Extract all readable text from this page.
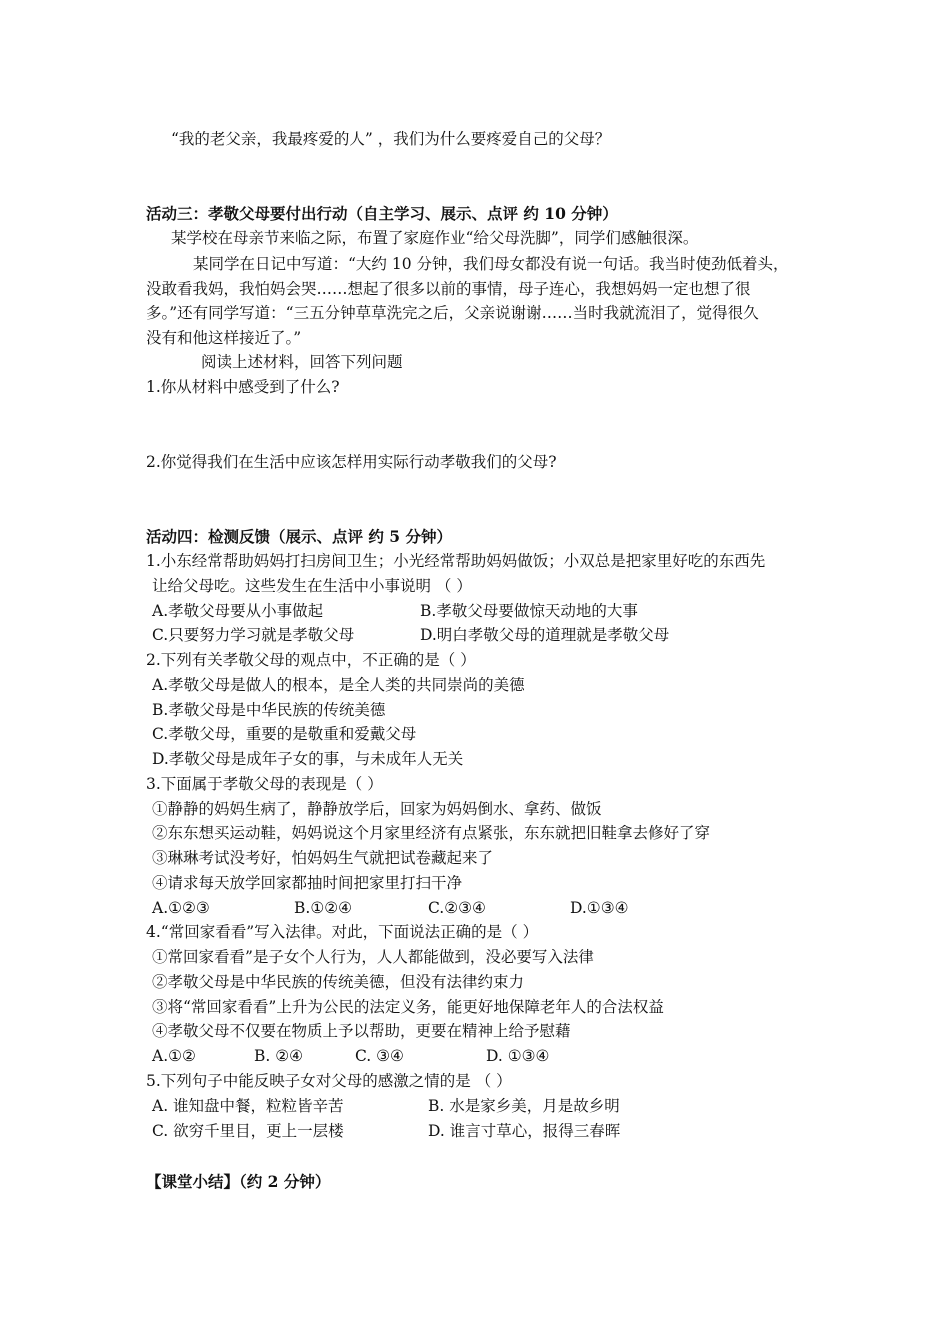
“我的老父亲，我最疼爱的人” ，我们为什么要疼爱自己的父母？
活动三：孝敬父母要付出行动（自主学习、展示、点评 约 10 分钟）
某学校在母亲节来临之际，布置了家庭作业“给父母洗脚”，同学们感触很深。
某同学在日记中写道：“大约 10 分钟，我们母女都没有说一句话。我当时使劲低着头，
没敢看我妈，我怕妈会哭……想起了很多以前的事情，母子连心，我想妈妈一定也想了很
多。”还有同学写道：“三五分钟草草洗完之后，父亲说谢谢……当时我就流泪了，觉得很久
没有和他这样接近了。”
阅读上述材料，回答下列问题
1.你从材料中感受到了什么?
2.你觉得我们在生活中应该怎样用实际行动孝敬我们的父母?
活动四：检测反馈（展示、点评 约 5 分钟）
1.小东经常帮助妈妈打扫房间卫生；小光经常帮助妈妈做饭；小双总是把家里好吃的东西先
让给父母吃。这些发生在生活中小事说明 （ ）
A.孝敬父母要从小事做起	B.孝敬父母要做惊天动地的大事
C.只要努力学习就是孝敬父母	D.明白孝敬父母的道理就是孝敬父母
2.下列有关孝敬父母的观点中，不正确的是（ ）
A.孝敬父母是做人的根本，是全人类的共同崇尚的美德
B.孝敬父母是中华民族的传统美德
C.孝敬父母，重要的是敬重和爱戴父母
D.孝敬父母是成年子女的事，与未成年人无关
3.下面属于孝敬父母的表现是（ ）
①静静的妈妈生病了，静静放学后，回家为妈妈倒水、拿药、做饭
②东东想买运动鞋，妈妈说这个月家里经济有点紧张，东东就把旧鞋拿去修好了穿
③琳琳考试没考好，怕妈妈生气就把试卷藏起来了
④请求每天放学回家都抽时间把家里打扫干净
A.①②③	B.①②④	C.②③④	D.①③④
4.“常回家看看”写入法律。对此，下面说法正确的是（ ）
①常回家看看”是子女个人行为，人人都能做到，没必要写入法律
②孝敬父母是中华民族的传统美德，但没有法律约束力
③将“常回家看看”上升为公民的法定义务，能更好地保障老年人的合法权益
④孝敬父母不仅要在物质上予以帮助，更要在精神上给予慰藉
A.①②	B. ②④	C. ③④	D. ①③④
5.下列句子中能反映子女对父母的感激之情的是 （ ）
A. 谁知盘中餐，粒粒皆辛苦	B. 水是家乡美，月是故乡明
C. 欲穷千里目，更上一层楼	D. 谁言寸草心，报得三春晖
【课堂小结】（约 2 分钟）
